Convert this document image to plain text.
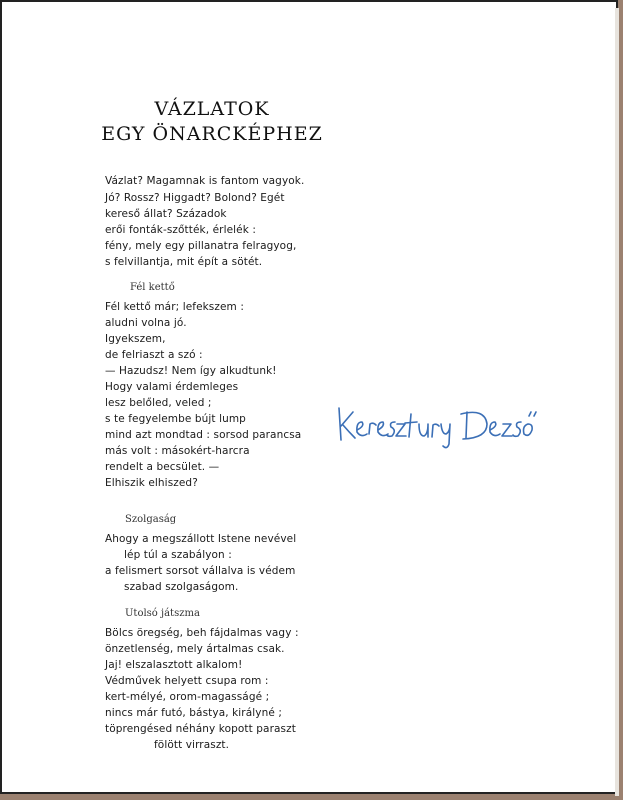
VÁZLATOK
EGY ÖNARCKÉPHEZ
Vázlat? Magamnak is fantom vagyok.
Jó? Rossz? Higgadt? Bolond? Egét
kereső állat? Századok
erői fonták-szőtték, érlelék :
fény, mely egy pillanatra felragyog,
s felvillantja, mit épít a sötét.
Fél kettő
Fél kettő már; lefekszem :
aludni volna jó.
Igyekszem,
de felriaszt a szó :
— Hazudsz! Nem így alkudtunk!
Hogy valami érdemleges
lesz belőled, veled ;
s te fegyelembe bújt lump
mind azt mondtad : sorsod parancsa
más volt : másokért-harcra
rendelt a becsület. —
Elhiszik elhiszed?
Szolgaság
Ahogy a megszállott Istene nevével
lép túl a szabályon :
a felismert sorsot vállalva is védem
szabad szolgaságom.
Utolsó játszma
Bölcs öregség, beh fájdalmas vagy :
önzetlenség, mely ártalmas csak.
Jaj! elszalasztott alkalom!
Védművek helyett csupa rom :
kert-mélyé, orom-magasságé ;
nincs már futó, bástya, királyné ;
töprengésed néhány kopott paraszt
fölött virraszt.
